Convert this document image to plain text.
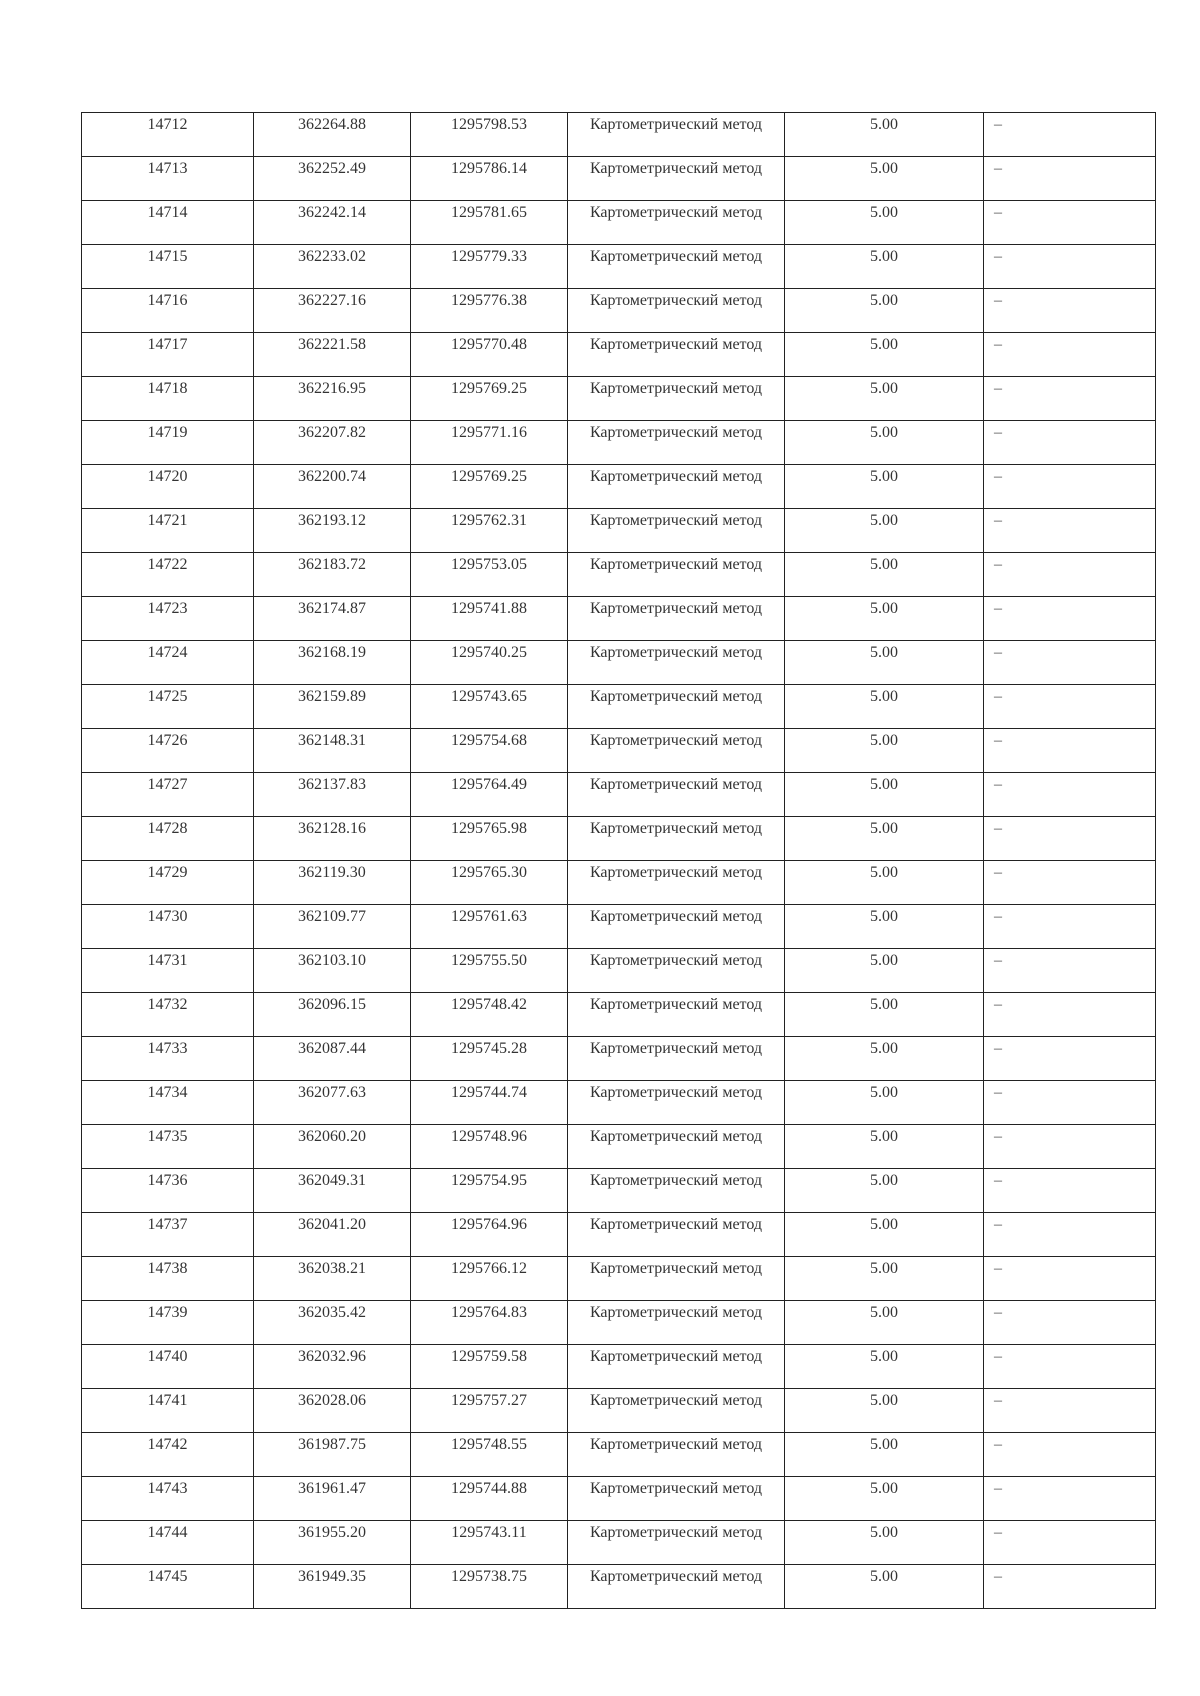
14712	362264.88	1295798.53	Картометрический метод	5.00	–
14713	362252.49	1295786.14	Картометрический метод	5.00	–
14714	362242.14	1295781.65	Картометрический метод	5.00	–
14715	362233.02	1295779.33	Картометрический метод	5.00	–
14716	362227.16	1295776.38	Картометрический метод	5.00	–
14717	362221.58	1295770.48	Картометрический метод	5.00	–
14718	362216.95	1295769.25	Картометрический метод	5.00	–
14719	362207.82	1295771.16	Картометрический метод	5.00	–
14720	362200.74	1295769.25	Картометрический метод	5.00	–
14721	362193.12	1295762.31	Картометрический метод	5.00	–
14722	362183.72	1295753.05	Картометрический метод	5.00	–
14723	362174.87	1295741.88	Картометрический метод	5.00	–
14724	362168.19	1295740.25	Картометрический метод	5.00	–
14725	362159.89	1295743.65	Картометрический метод	5.00	–
14726	362148.31	1295754.68	Картометрический метод	5.00	–
14727	362137.83	1295764.49	Картометрический метод	5.00	–
14728	362128.16	1295765.98	Картометрический метод	5.00	–
14729	362119.30	1295765.30	Картометрический метод	5.00	–
14730	362109.77	1295761.63	Картометрический метод	5.00	–
14731	362103.10	1295755.50	Картометрический метод	5.00	–
14732	362096.15	1295748.42	Картометрический метод	5.00	–
14733	362087.44	1295745.28	Картометрический метод	5.00	–
14734	362077.63	1295744.74	Картометрический метод	5.00	–
14735	362060.20	1295748.96	Картометрический метод	5.00	–
14736	362049.31	1295754.95	Картометрический метод	5.00	–
14737	362041.20	1295764.96	Картометрический метод	5.00	–
14738	362038.21	1295766.12	Картометрический метод	5.00	–
14739	362035.42	1295764.83	Картометрический метод	5.00	–
14740	362032.96	1295759.58	Картометрический метод	5.00	–
14741	362028.06	1295757.27	Картометрический метод	5.00	–
14742	361987.75	1295748.55	Картометрический метод	5.00	–
14743	361961.47	1295744.88	Картометрический метод	5.00	–
14744	361955.20	1295743.11	Картометрический метод	5.00	–
14745	361949.35	1295738.75	Картометрический метод	5.00	–
